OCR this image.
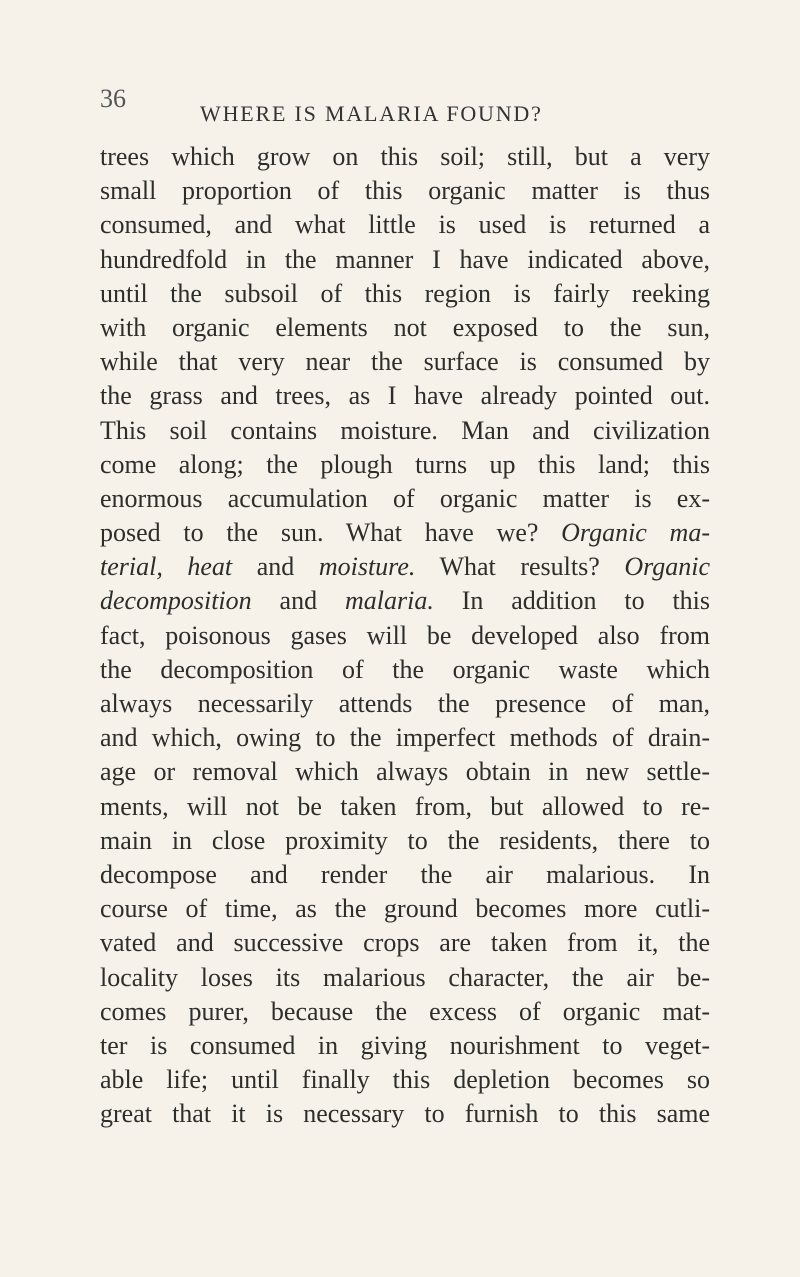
36
WHERE IS MALARIA FOUND?
trees which grow on this soil; still, but a very
small proportion of this organic matter is thus
consumed, and what little is used is returned a
hundredfold in the manner I have indicated above,
until the subsoil of this region is fairly reeking
with organic elements not exposed to the sun,
while that very near the surface is consumed by
the grass and trees, as I have already pointed out.
This soil contains moisture. Man and civilization
come along; the plough turns up this land; this
enormous accumulation of organic matter is ex-
posed to the sun. What have we? Organic ma-
terial, heat and moisture. What results? Organic
decomposition and malaria. In addition to this
fact, poisonous gases will be developed also from
the decomposition of the organic waste which
always necessarily attends the presence of man,
and which, owing to the imperfect methods of drain-
age or removal which always obtain in new settle-
ments, will not be taken from, but allowed to re-
main in close proximity to the residents, there to
decompose and render the air malarious. In
course of time, as the ground becomes more cutli-
vated and successive crops are taken from it, the
locality loses its malarious character, the air be-
comes purer, because the excess of organic mat-
ter is consumed in giving nourishment to veget-
able life; until finally this depletion becomes so
great that it is necessary to furnish to this same
